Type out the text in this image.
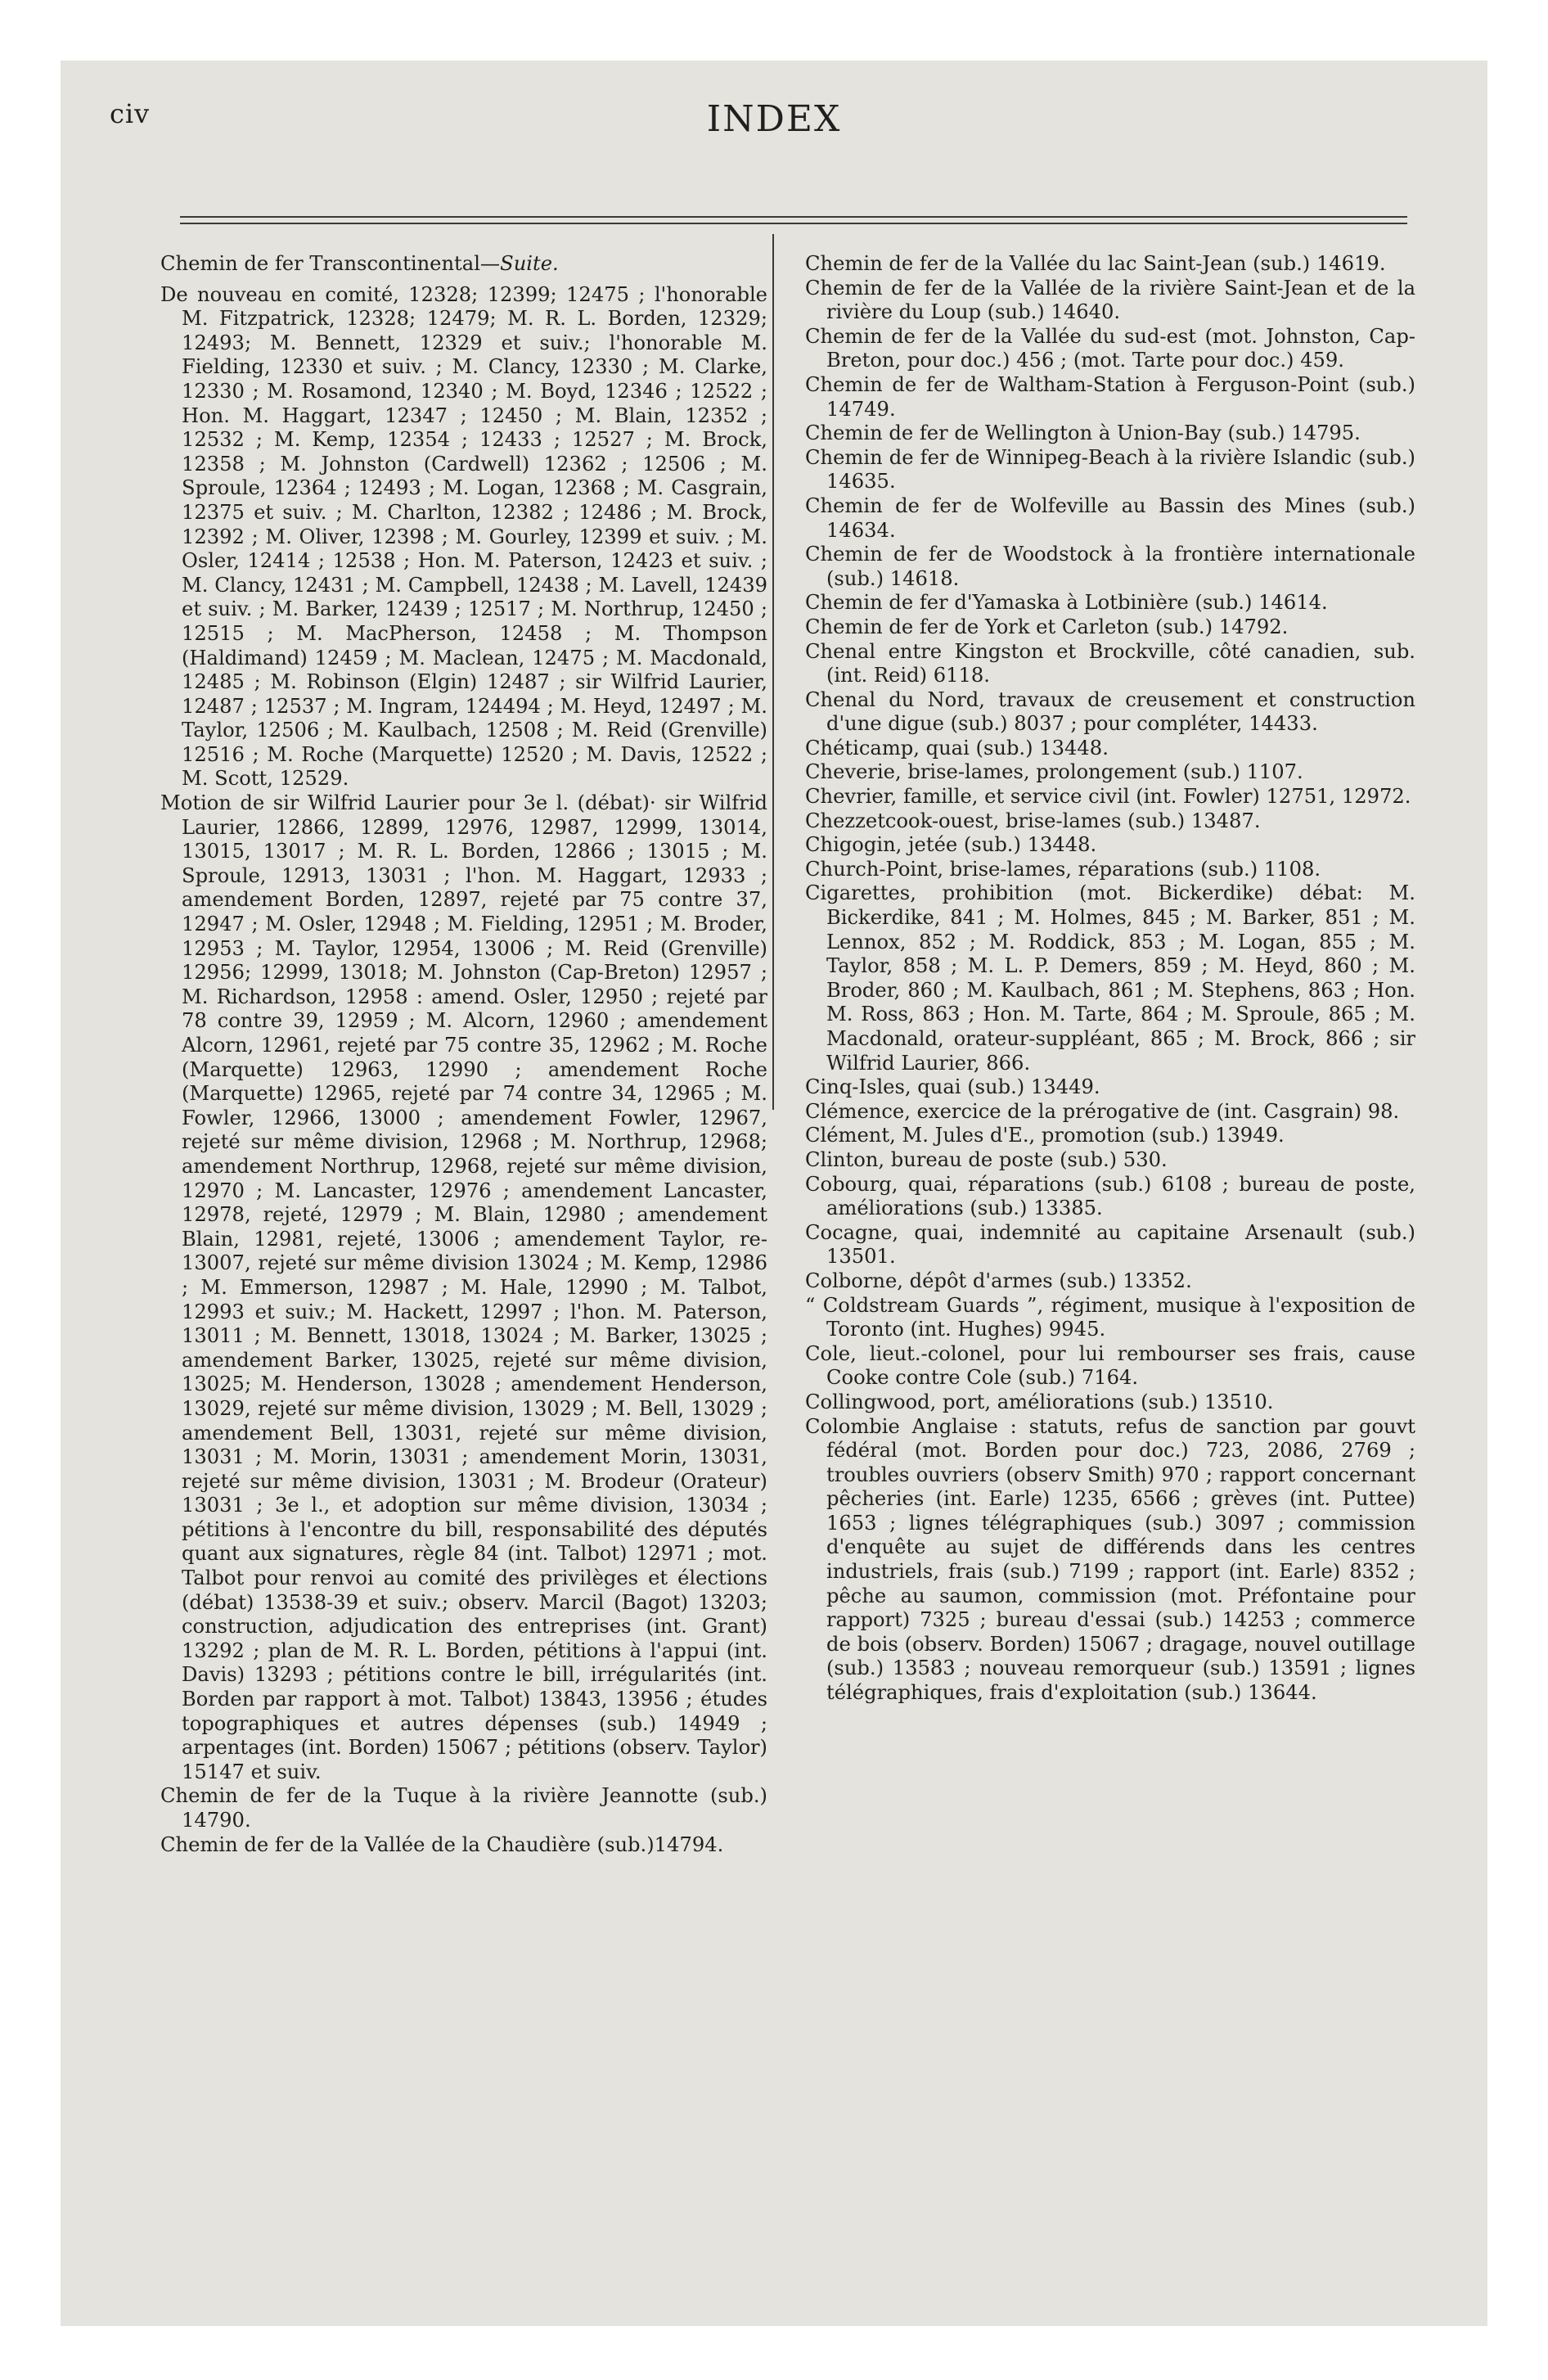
civ	INDEX

Chemin de fer Transcontinental—Suite.

De nouveau en comité, 12328; 12399; 12475 ; l'honorable M. Fitzpatrick, 12328; 12479; M. R. L. Borden, 12329; 12493; M. Bennett, 12329 et suiv.; l'honorable M. Fielding, 12330 et suiv. ; M. Clancy, 12330 ; M. Clarke, 12330 ; M. Rosamond, 12340 ; M. Boyd, 12346 ; 12522 ; Hon. M. Haggart, 12347 ; 12450 ; M. Blain, 12352 ; 12532 ; M. Kemp, 12354 ; 12433 ; 12527 ; M. Brock, 12358 ; M. Johnston (Cardwell) 12362 ; 12506 ; M. Sproule, 12364 ; 12493 ; M. Logan, 12368 ; M. Casgrain, 12375 et suiv. ; M. Charlton, 12382 ; 12486 ; M. Brock, 12392 ; M. Oliver, 12398 ; M. Gourley, 12399 et suiv. ; M. Osler, 12414 ; 12538 ; Hon. M. Paterson, 12423 et suiv. ; M. Clancy, 12431 ; M. Campbell, 12438 ; M. Lavell, 12439 et suiv. ; M. Barker, 12439 ; 12517 ; M. Northrup, 12450 ; 12515 ; M. MacPherson, 12458 ; M. Thompson (Haldimand) 12459 ; M. Maclean, 12475 ; M. Macdonald, 12485 ; M. Robinson (Elgin) 12487 ; sir Wilfrid Laurier, 12487 ; 12537 ; M. Ingram, 124494 ; M. Heyd, 12497 ; M. Taylor, 12506 ; M. Kaulbach, 12508 ; M. Reid (Grenville) 12516 ; M. Roche (Marquette) 12520 ; M. Davis, 12522 ; M. Scott, 12529.

Motion de sir Wilfrid Laurier pour 3e l. (débat)· sir Wilfrid Laurier, 12866, 12899, 12976, 12987, 12999, 13014, 13015, 13017 ; M. R. L. Borden, 12866 ; 13015 ; M. Sproule, 12913, 13031 ; l'hon. M. Haggart, 12933 ; amendement Borden, 12897, rejeté par 75 contre 37, 12947 ; M. Osler, 12948 ; M. Fielding, 12951 ; M. Broder, 12953 ; M. Taylor, 12954, 13006 ; M. Reid (Grenville) 12956; 12999, 13018; M. Johnston (Cap-Breton) 12957 ; M. Richardson, 12958 : amend. Osler, 12950 ; rejeté par 78 contre 39, 12959 ; M. Alcorn, 12960 ; amendement Alcorn, 12961, rejeté par 75 contre 35, 12962 ; M. Roche (Marquette) 12963, 12990 ; amendement Roche (Marquette) 12965, rejeté par 74 contre 34, 12965 ; M. Fowler, 12966, 13000 ; amendement Fowler, 12967, rejeté sur même division, 12968 ; M. Northrup, 12968; amendement Northrup, 12968, rejeté sur même division, 12970 ; M. Lancaster, 12976 ; amendement Lancaster, 12978, rejeté, 12979 ; M. Blain, 12980 ; amendement Blain, 12981, rejeté, 13006 ; amendement Taylor, re-13007, rejeté sur même division 13024 ; M. Kemp, 12986 ; M. Emmerson, 12987 ; M. Hale, 12990 ; M. Talbot, 12993 et suiv.; M. Hackett, 12997 ; l'hon. M. Paterson, 13011 ; M. Bennett, 13018, 13024 ; M. Barker, 13025 ; amendement Barker, 13025, rejeté sur même division, 13025; M. Henderson, 13028 ; amendement Henderson, 13029, rejeté sur même division, 13029 ; M. Bell, 13029 ; amendement Bell, 13031, rejeté sur même division, 13031 ; M. Morin, 13031 ; amendement Morin, 13031, rejeté sur même division, 13031 ; M. Brodeur (Orateur) 13031 ; 3e l., et adoption sur même division, 13034 ; pétitions à l'encontre du bill, responsabilité des députés quant aux signatures, règle 84 (int. Talbot) 12971 ; mot. Talbot pour renvoi au comité des privilèges et élections (débat) 13538-39 et suiv.; observ. Marcil (Bagot) 13203; construction, adjudication des entreprises (int. Grant) 13292 ; plan de M. R. L. Borden, pétitions à l'appui (int. Davis) 13293 ; pétitions contre le bill, irrégularités (int. Borden par rapport à mot. Talbot) 13843, 13956 ; études topographiques et autres dépenses (sub.) 14949 ; arpentages (int. Borden) 15067 ; pétitions (observ. Taylor) 15147 et suiv.

Chemin de fer de la Tuque à la rivière Jeannotte (sub.) 14790.

Chemin de fer de la Vallée de la Chaudière (sub.)14794.

Chemin de fer de la Vallée du lac Saint-Jean (sub.) 14619.

Chemin de fer de la Vallée de la rivière Saint-Jean et de la rivière du Loup (sub.) 14640.

Chemin de fer de la Vallée du sud-est (mot. Johnston, Cap-Breton, pour doc.) 456 ; (mot. Tarte pour doc.) 459.

Chemin de fer de Waltham-Station à Ferguson-Point (sub.) 14749.

Chemin de fer de Wellington à Union-Bay (sub.) 14795.

Chemin de fer de Winnipeg-Beach à la rivière Islandic (sub.) 14635.

Chemin de fer de Wolfeville au Bassin des Mines (sub.) 14634.

Chemin de fer de Woodstock à la frontière internationale (sub.) 14618.

Chemin de fer d'Yamaska à Lotbinière (sub.) 14614.

Chemin de fer de York et Carleton (sub.) 14792.

Chenal entre Kingston et Brockville, côté canadien, sub. (int. Reid) 6118.

Chenal du Nord, travaux de creusement et construction d'une digue (sub.) 8037 ; pour compléter, 14433.

Chéticamp, quai (sub.) 13448.

Cheverie, brise-lames, prolongement (sub.) 1107.

Chevrier, famille, et service civil (int. Fowler) 12751, 12972.

Chezzetcook-ouest, brise-lames (sub.) 13487.

Chigogin, jetée (sub.) 13448.

Church-Point, brise-lames, réparations (sub.) 1108.

Cigarettes, prohibition (mot. Bickerdike) débat: M. Bickerdike, 841 ; M. Holmes, 845 ; M. Barker, 851 ; M. Lennox, 852 ; M. Roddick, 853 ; M. Logan, 855 ; M. Taylor, 858 ; M. L. P. Demers, 859 ; M. Heyd, 860 ; M. Broder, 860 ; M. Kaulbach, 861 ; M. Stephens, 863 ; Hon. M. Ross, 863 ; Hon. M. Tarte, 864 ; M. Sproule, 865 ; M. Macdonald, orateur-suppléant, 865 ; M. Brock, 866 ; sir Wilfrid Laurier, 866.

Cinq-Isles, quai (sub.) 13449.

Clémence, exercice de la prérogative de (int. Casgrain) 98.

Clément, M. Jules d'E., promotion (sub.) 13949.

Clinton, bureau de poste (sub.) 530.

Cobourg, quai, réparations (sub.) 6108 ; bureau de poste, améliorations (sub.) 13385.

Cocagne, quai, indemnité au capitaine Arsenault (sub.) 13501.

Colborne, dépôt d'armes (sub.) 13352.

“ Coldstream Guards ”, régiment, musique à l'exposition de Toronto (int. Hughes) 9945.

Cole, lieut.-colonel, pour lui rembourser ses frais, cause Cooke contre Cole (sub.) 7164.

Collingwood, port, améliorations (sub.) 13510.

Colombie Anglaise : statuts, refus de sanction par gouvt fédéral (mot. Borden pour doc.) 723, 2086, 2769 ; troubles ouvriers (observ Smith) 970 ; rapport concernant pêcheries (int. Earle) 1235, 6566 ; grèves (int. Puttee) 1653 ; lignes télégraphiques (sub.) 3097 ; commission d'enquête au sujet de différends dans les centres industriels, frais (sub.) 7199 ; rapport (int. Earle) 8352 ; pêche au saumon, commission (mot. Préfontaine pour rapport) 7325 ; bureau d'essai (sub.) 14253 ; commerce de bois (observ. Borden) 15067 ; dragage, nouvel outillage (sub.) 13583 ; nouveau remorqueur (sub.) 13591 ; lignes télégraphiques, frais d'exploitation (sub.) 13644.
